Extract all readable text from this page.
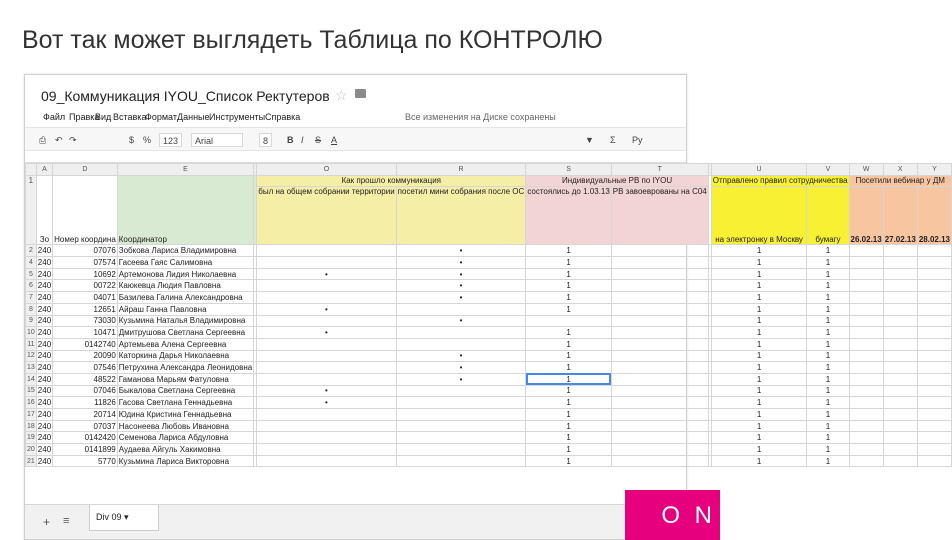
Вот так может выглядеть Таблица по КОНТРОЛЮ
09_Коммуникация IYOU_Список Ректутеров ☆
Все изменения на Диске сохранены
Файл Правка
Вид Вставка
Формат Данные Инструменты Справка
⎙ ↶ ↷	$ %	123	Arial	8	B I S A	▼ Σ Ру
	A	D	E		O	R	S	T		U	V	W	X	Y
1	Зо	Номер координа	Координатор		Как прошло коммуникация		Индивидуальные РВ по IYOU			Отправлено правил сотрудничества		Посетили вебинар у ДМ		
					был на общем собрании территории	посетил мини собрания после ОС	состоялись до 1.03.13	РВ завоеврованы на С04		на электронку в Москву	бумагу	26.02.13	27.02.13	28.02.13
2	240	07076	Зобкова Лариса Владимировна			•	1			1	1			
4	240	07574	Гасеева Гаяс Салимовна			•	1			1	1			
5	240	10692	Артемонова Лидия Николаевна		•	•	1			1	1			
6	240	00722	Каюкевца Людия Павловна			•	1			1	1			
7	240	04071	Базилева Галина Александровна			•	1			1	1			
8	240	12651	Айраш Ганна Павловна		•		1			1	1			
9	240	73030	Кузьмина Наталья Владимировна			•				1	1			
10	240	10471	Дмитрушова Светлана Сергеевна		•		1			1	1			
11	240	0142740	Артемьева Алена Сергеевна				1			1	1			
12	240	20090	Каторкина Дарья Николаевна			•	1			1	1			
13	240	07546	Петрухина Александра Леонидовна			•	1			1	1			
14	240	48522	Гаманова Марьям Фатуловна			•	1			1	1			
15	240	07046	Быкалова Светлана Сергеевна		•		1			1	1			
16	240	11826	Гасова Светлана Геннадьевна		•		1			1	1			
17	240	20714	Юдина Кристина Геннадьевна				1			1	1			
18	240	07037	Насонеева Любовь Ивановна				1			1	1			
19	240	0142420	Семенова Лариса Абдуловна				1			1	1			
20	240	0141899	Аудаева Айгуль Хакимовна				1			1	1			
21	240	5770	Кузьмина Лариса Викторовна				1			1	1			
+ ≡	Div 09 ▾	O N
